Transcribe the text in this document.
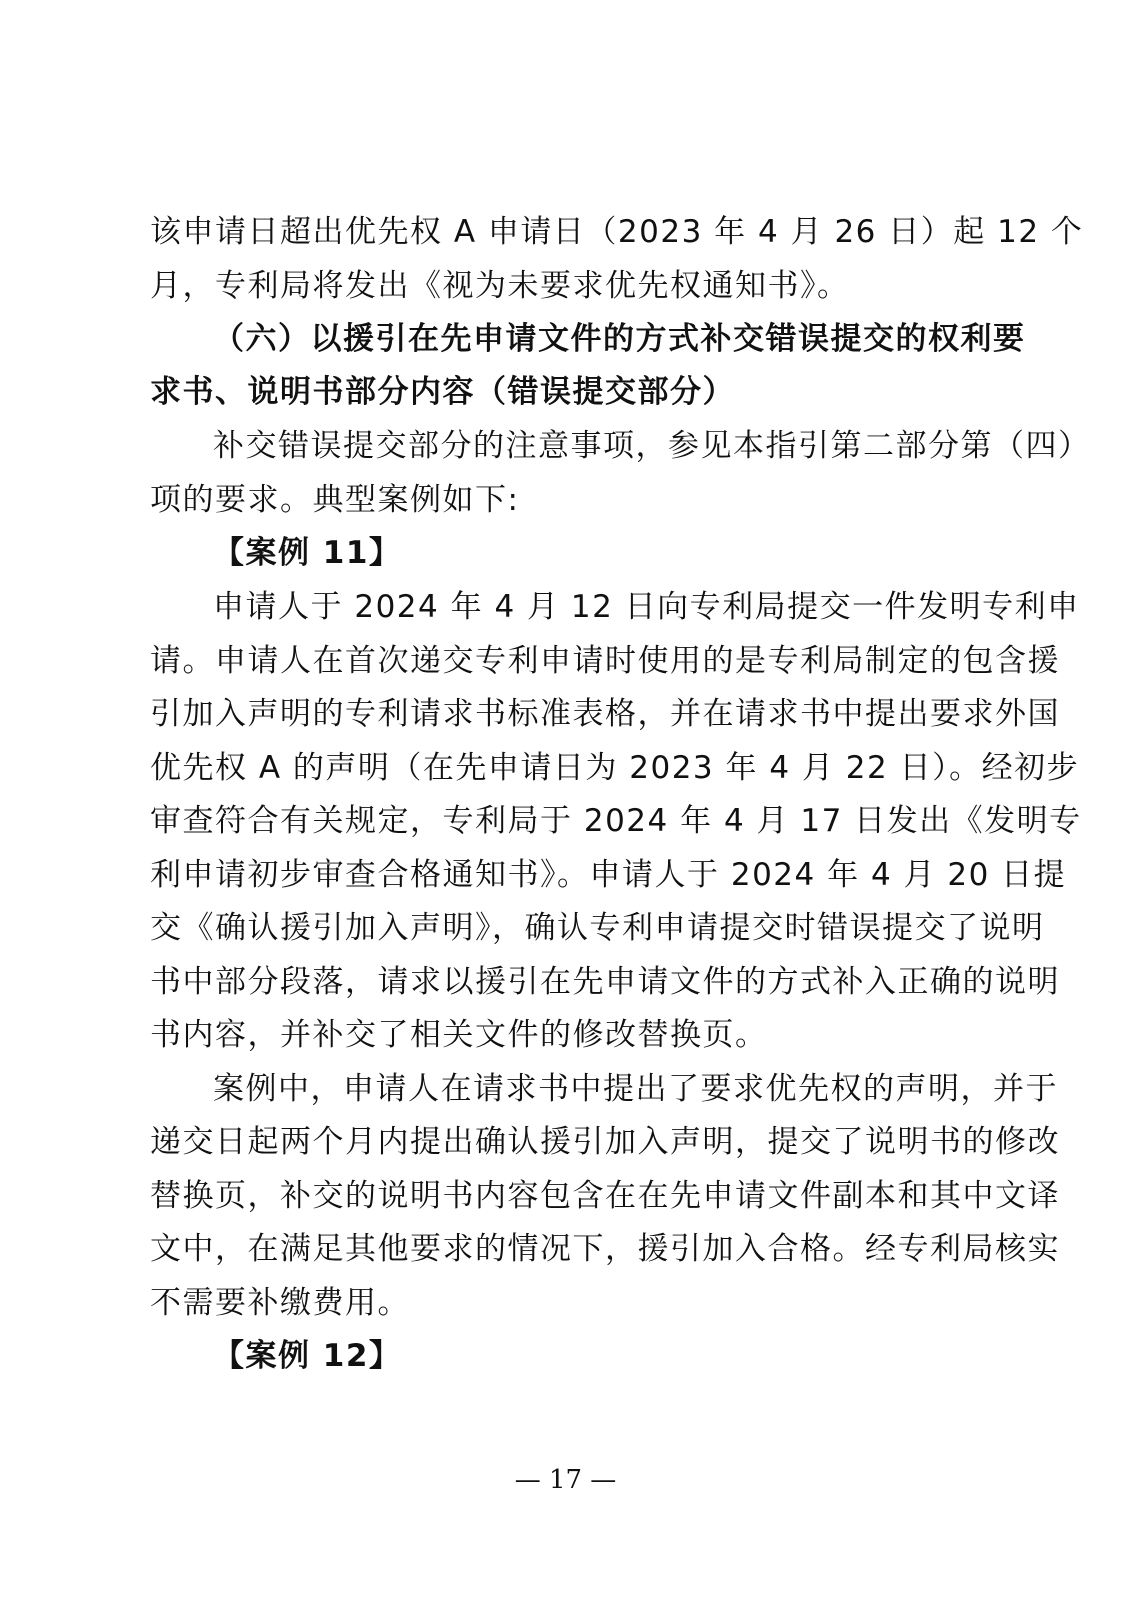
该申请日超出优先权 A 申请日（2023 年 4 月 26 日）起 12 个
月，专利局将发出《视为未要求优先权通知书》。
（六）以援引在先申请文件的方式补交错误提交的权利要
求书、说明书部分内容（错误提交部分）
补交错误提交部分的注意事项，参见本指引第二部分第（四）
项的要求。典型案例如下:
【案例 11】
申请人于 2024 年 4 月 12 日向专利局提交一件发明专利申
请。申请人在首次递交专利申请时使用的是专利局制定的包含援
引加入声明的专利请求书标准表格，并在请求书中提出要求外国
优先权 A 的声明（在先申请日为 2023 年 4 月 22 日）。经初步
审查符合有关规定，专利局于 2024 年 4 月 17 日发出《发明专
利申请初步审查合格通知书》。申请人于 2024 年 4 月 20 日提
交《确认援引加入声明》，确认专利申请提交时错误提交了说明
书中部分段落，请求以援引在先申请文件的方式补入正确的说明
书内容，并补交了相关文件的修改替换页。
案例中，申请人在请求书中提出了要求优先权的声明，并于
递交日起两个月内提出确认援引加入声明，提交了说明书的修改
替换页，补交的说明书内容包含在在先申请文件副本和其中文译
文中，在满足其他要求的情况下，援引加入合格。经专利局核实
不需要补缴费用。
【案例 12】
— 17 —
